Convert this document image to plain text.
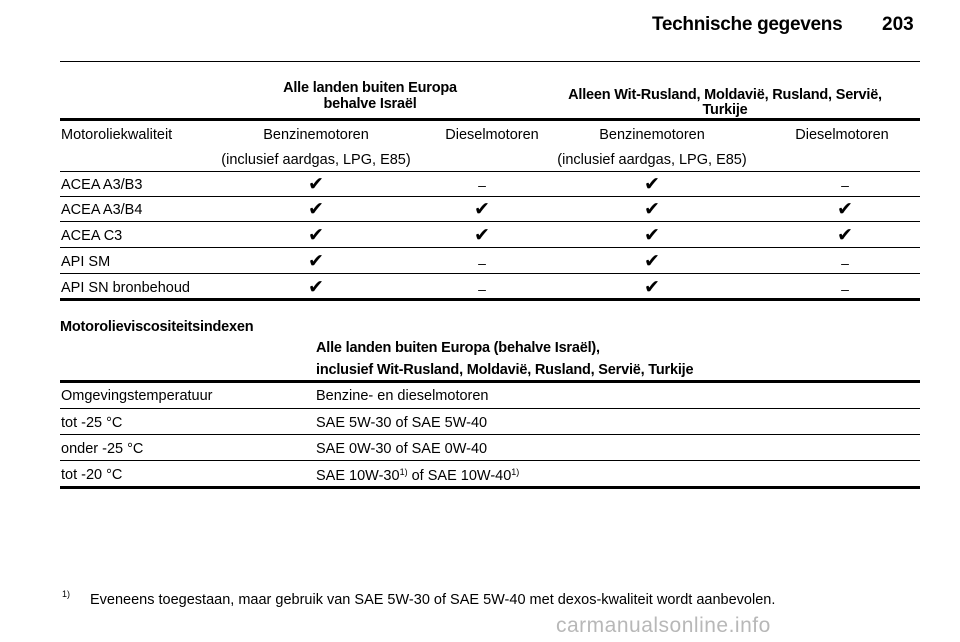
Technische gegevens 203
Alle landen buiten Europa
behalve Israël
Alleen Wit-Rusland, Moldavië, Rusland, Servië,
Turkije
Motoroliekwaliteit	Benzinemotoren	Dieselmotoren	Benzinemotoren	Dieselmotoren
(inclusief aardgas, LPG, E85)	(inclusief aardgas, LPG, E85)
ACEA A3/B3	✔	–	✔	–
ACEA A3/B4	✔	✔	✔	✔
ACEA C3	✔	✔	✔	✔
API SM	✔	–	✔	–
API SN bronbehoud	✔	–	✔	–
Motorolieviscositeitsindexen
Alle landen buiten Europa (behalve Israël),
inclusief Wit-Rusland, Moldavië, Rusland, Servië, Turkije
Omgevingstemperatuur	Benzine- en dieselmotoren
tot -25 °C	SAE 5W-30 of SAE 5W-40
onder -25 °C	SAE 0W-30 of SAE 0W-40
tot -20 °C	SAE 10W-30$^{1)}$ of SAE 10W-40$^{1)}$
1) Eveneens toegestaan, maar gebruik van SAE 5W-30 of SAE 5W-40 met dexos-kwaliteit wordt aanbevolen.
carmanualsonline.info
